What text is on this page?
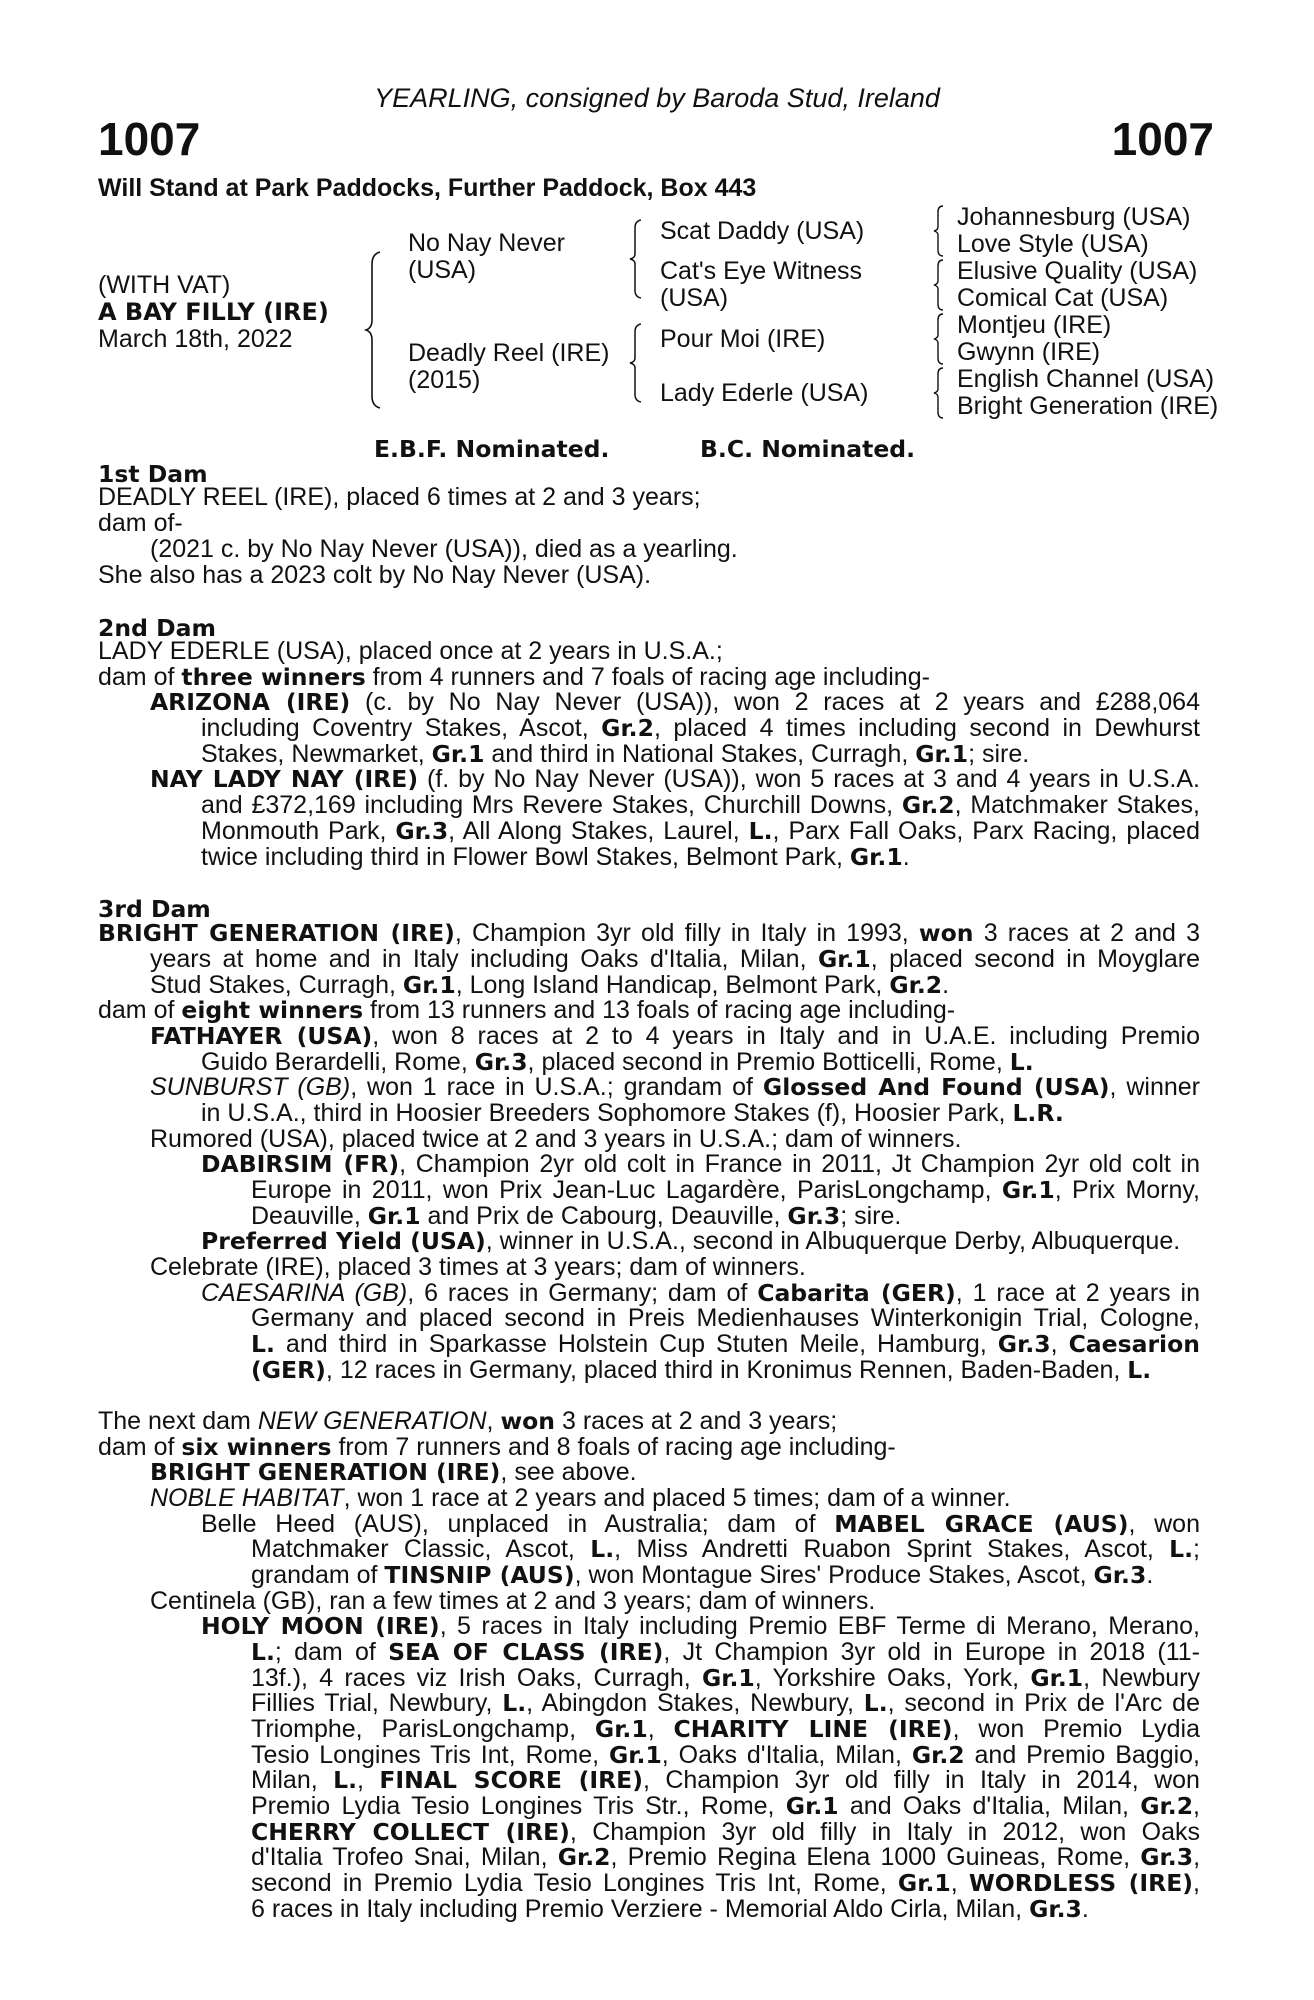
YEARLING, consigned by Baroda Stud, Ireland
1007	1007
Will Stand at Park Paddocks, Further Paddock, Box 443
(WITH VAT)
A BAY FILLY (IRE)
March 18th, 2022
No Nay Never
(USA)
Deadly Reel (IRE)
(2015)
Scat Daddy (USA)
Cat's Eye Witness
(USA)
Pour Moi (IRE)
Lady Ederle (USA)
Johannesburg (USA)
Love Style (USA)
Elusive Quality (USA)
Comical Cat (USA)
Montjeu (IRE)
Gwynn (IRE)
English Channel (USA)
Bright Generation (IRE)
E.B.F. Nominated.	B.C. Nominated.
1st Dam
DEADLY REEL (IRE), placed 6 times at 2 and 3 years;
dam of-
(2021 c. by No Nay Never (USA)), died as a yearling.
She also has a 2023 colt by No Nay Never (USA).
2nd Dam
LADY EDERLE (USA), placed once at 2 years in U.S.A.;
dam of three winners from 4 runners and 7 foals of racing age including-
ARIZONA (IRE) (c. by No Nay Never (USA)), won 2 races at 2 years and £288,064
including Coventry Stakes, Ascot, Gr.2, placed 4 times including second in Dewhurst
Stakes, Newmarket, Gr.1 and third in National Stakes, Curragh, Gr.1; sire.
NAY LADY NAY (IRE) (f. by No Nay Never (USA)), won 5 races at 3 and 4 years in U.S.A.
and £372,169 including Mrs Revere Stakes, Churchill Downs, Gr.2, Matchmaker Stakes,
Monmouth Park, Gr.3, All Along Stakes, Laurel, L., Parx Fall Oaks, Parx Racing, placed
twice including third in Flower Bowl Stakes, Belmont Park, Gr.1.
3rd Dam
BRIGHT GENERATION (IRE), Champion 3yr old filly in Italy in 1993, won 3 races at 2 and 3
years at home and in Italy including Oaks d'Italia, Milan, Gr.1, placed second in Moyglare
Stud Stakes, Curragh, Gr.1, Long Island Handicap, Belmont Park, Gr.2.
dam of eight winners from 13 runners and 13 foals of racing age including-
FATHAYER (USA), won 8 races at 2 to 4 years in Italy and in U.A.E. including Premio
Guido Berardelli, Rome, Gr.3, placed second in Premio Botticelli, Rome, L.
SUNBURST (GB), won 1 race in U.S.A.; grandam of Glossed And Found (USA), winner
in U.S.A., third in Hoosier Breeders Sophomore Stakes (f), Hoosier Park, L.R.
Rumored (USA), placed twice at 2 and 3 years in U.S.A.; dam of winners.
DABIRSIM (FR), Champion 2yr old colt in France in 2011, Jt Champion 2yr old colt in
Europe in 2011, won Prix Jean-Luc Lagardère, ParisLongchamp, Gr.1, Prix Morny,
Deauville, Gr.1 and Prix de Cabourg, Deauville, Gr.3; sire.
Preferred Yield (USA), winner in U.S.A., second in Albuquerque Derby, Albuquerque.
Celebrate (IRE), placed 3 times at 3 years; dam of winners.
CAESARINA (GB), 6 races in Germany; dam of Cabarita (GER), 1 race at 2 years in
Germany and placed second in Preis Medienhauses Winterkonigin Trial, Cologne,
L. and third in Sparkasse Holstein Cup Stuten Meile, Hamburg, Gr.3, Caesarion
(GER), 12 races in Germany, placed third in Kronimus Rennen, Baden-Baden, L.
The next dam NEW GENERATION, won 3 races at 2 and 3 years;
dam of six winners from 7 runners and 8 foals of racing age including-
BRIGHT GENERATION (IRE), see above.
NOBLE HABITAT, won 1 race at 2 years and placed 5 times; dam of a winner.
Belle Heed (AUS), unplaced in Australia; dam of MABEL GRACE (AUS), won
Matchmaker Classic, Ascot, L., Miss Andretti Ruabon Sprint Stakes, Ascot, L.;
grandam of TINSNIP (AUS), won Montague Sires' Produce Stakes, Ascot, Gr.3.
Centinela (GB), ran a few times at 2 and 3 years; dam of winners.
HOLY MOON (IRE), 5 races in Italy including Premio EBF Terme di Merano, Merano,
L.; dam of SEA OF CLASS (IRE), Jt Champion 3yr old in Europe in 2018 (11-
13f.), 4 races viz Irish Oaks, Curragh, Gr.1, Yorkshire Oaks, York, Gr.1, Newbury
Fillies Trial, Newbury, L., Abingdon Stakes, Newbury, L., second in Prix de l'Arc de
Triomphe, ParisLongchamp, Gr.1, CHARITY LINE (IRE), won Premio Lydia
Tesio Longines Tris Int, Rome, Gr.1, Oaks d'Italia, Milan, Gr.2 and Premio Baggio,
Milan, L., FINAL SCORE (IRE), Champion 3yr old filly in Italy in 2014, won
Premio Lydia Tesio Longines Tris Str., Rome, Gr.1 and Oaks d'Italia, Milan, Gr.2,
CHERRY COLLECT (IRE), Champion 3yr old filly in Italy in 2012, won Oaks
d'Italia Trofeo Snai, Milan, Gr.2, Premio Regina Elena 1000 Guineas, Rome, Gr.3,
second in Premio Lydia Tesio Longines Tris Int, Rome, Gr.1, WORDLESS (IRE),
6 races in Italy including Premio Verziere - Memorial Aldo Cirla, Milan, Gr.3.
